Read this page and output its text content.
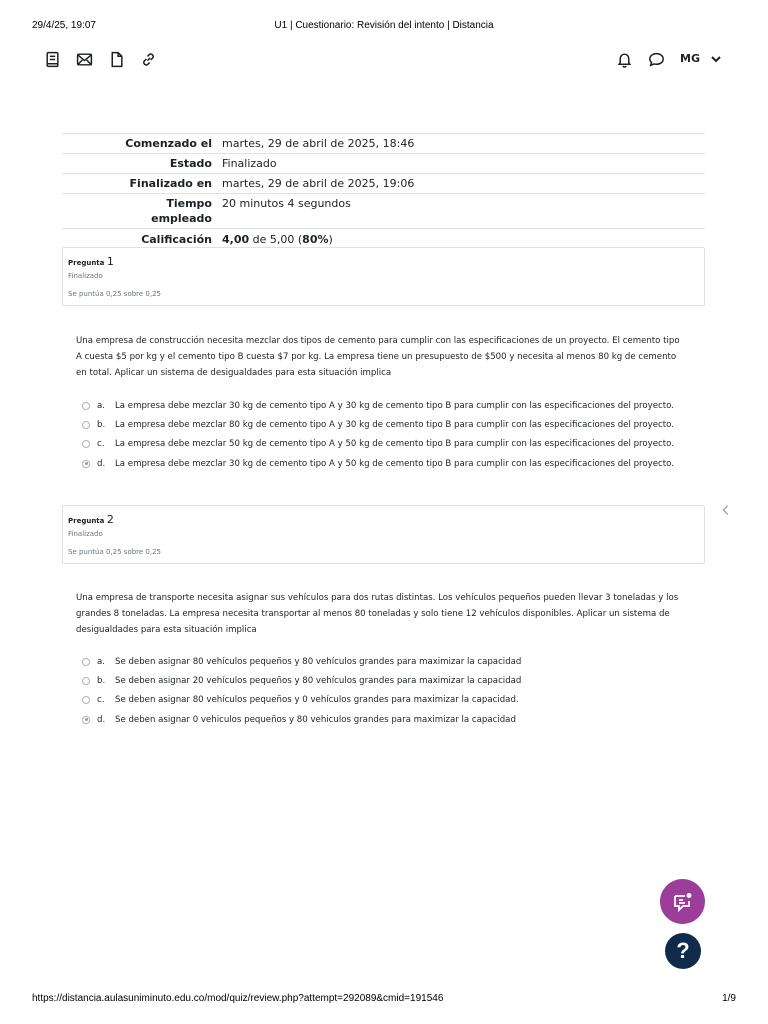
29/4/25, 19:07	U1 | Cuestionario: Revisión del intento | Distancia
MG
Comenzado el	martes, 29 de abril de 2025, 18:46
Estado	Finalizado
Finalizado en	martes, 29 de abril de 2025, 19:06
Tiempo empleado	20 minutos 4 segundos
Calificación	4,00 de 5,00 (80%)
Pregunta 1
Finalizado
Se puntúa 0,25 sobre 0,25
Una empresa de construcción necesita mezclar dos tipos de cemento para cumplir con las especificaciones de un proyecto. El cemento tipo A cuesta $5 por kg y el cemento tipo B cuesta $7 por kg. La empresa tiene un presupuesto de $500 y necesita al menos 80 kg de cemento en total. Aplicar un sistema de desigualdades para esta situación implica
a.	La empresa debe mezclar 30 kg de cemento tipo A y 30 kg de cemento tipo B para cumplir con las especificaciones del proyecto.
b.	La empresa debe mezclar 80 kg de cemento tipo A y 30 kg de cemento tipo B para cumplir con las especificaciones del proyecto.
c.	La empresa debe mezclar 50 kg de cemento tipo A y 50 kg de cemento tipo B para cumplir con las especificaciones del proyecto.
d.	La empresa debe mezclar 30 kg de cemento tipo A y 50 kg de cemento tipo B para cumplir con las especificaciones del proyecto.
Pregunta 2
Finalizado
Se puntúa 0,25 sobre 0,25
Una empresa de transporte necesita asignar sus vehículos para dos rutas distintas. Los vehículos pequeños pueden llevar 3 toneladas y los grandes 8 toneladas. La empresa necesita transportar al menos 80 toneladas y solo tiene 12 vehículos disponibles. Aplicar un sistema de desigualdades para esta situación implica
a.	Se deben asignar 80 vehículos pequeños y 80 vehículos grandes para maximizar la capacidad
b.	Se deben asignar 20 vehículos pequeños y 80 vehículos grandes para maximizar la capacidad
c.	Se deben asignar 80 vehículos pequeños y 0 vehículos grandes para maximizar la capacidad.
d.	Se deben asignar 0 vehiculos pequeños y 80 vehiculos grandes para maximizar la capacidad
?
https://distancia.aulasuniminuto.edu.co/mod/quiz/review.php?attempt=292089&cmid=191546	1/9
